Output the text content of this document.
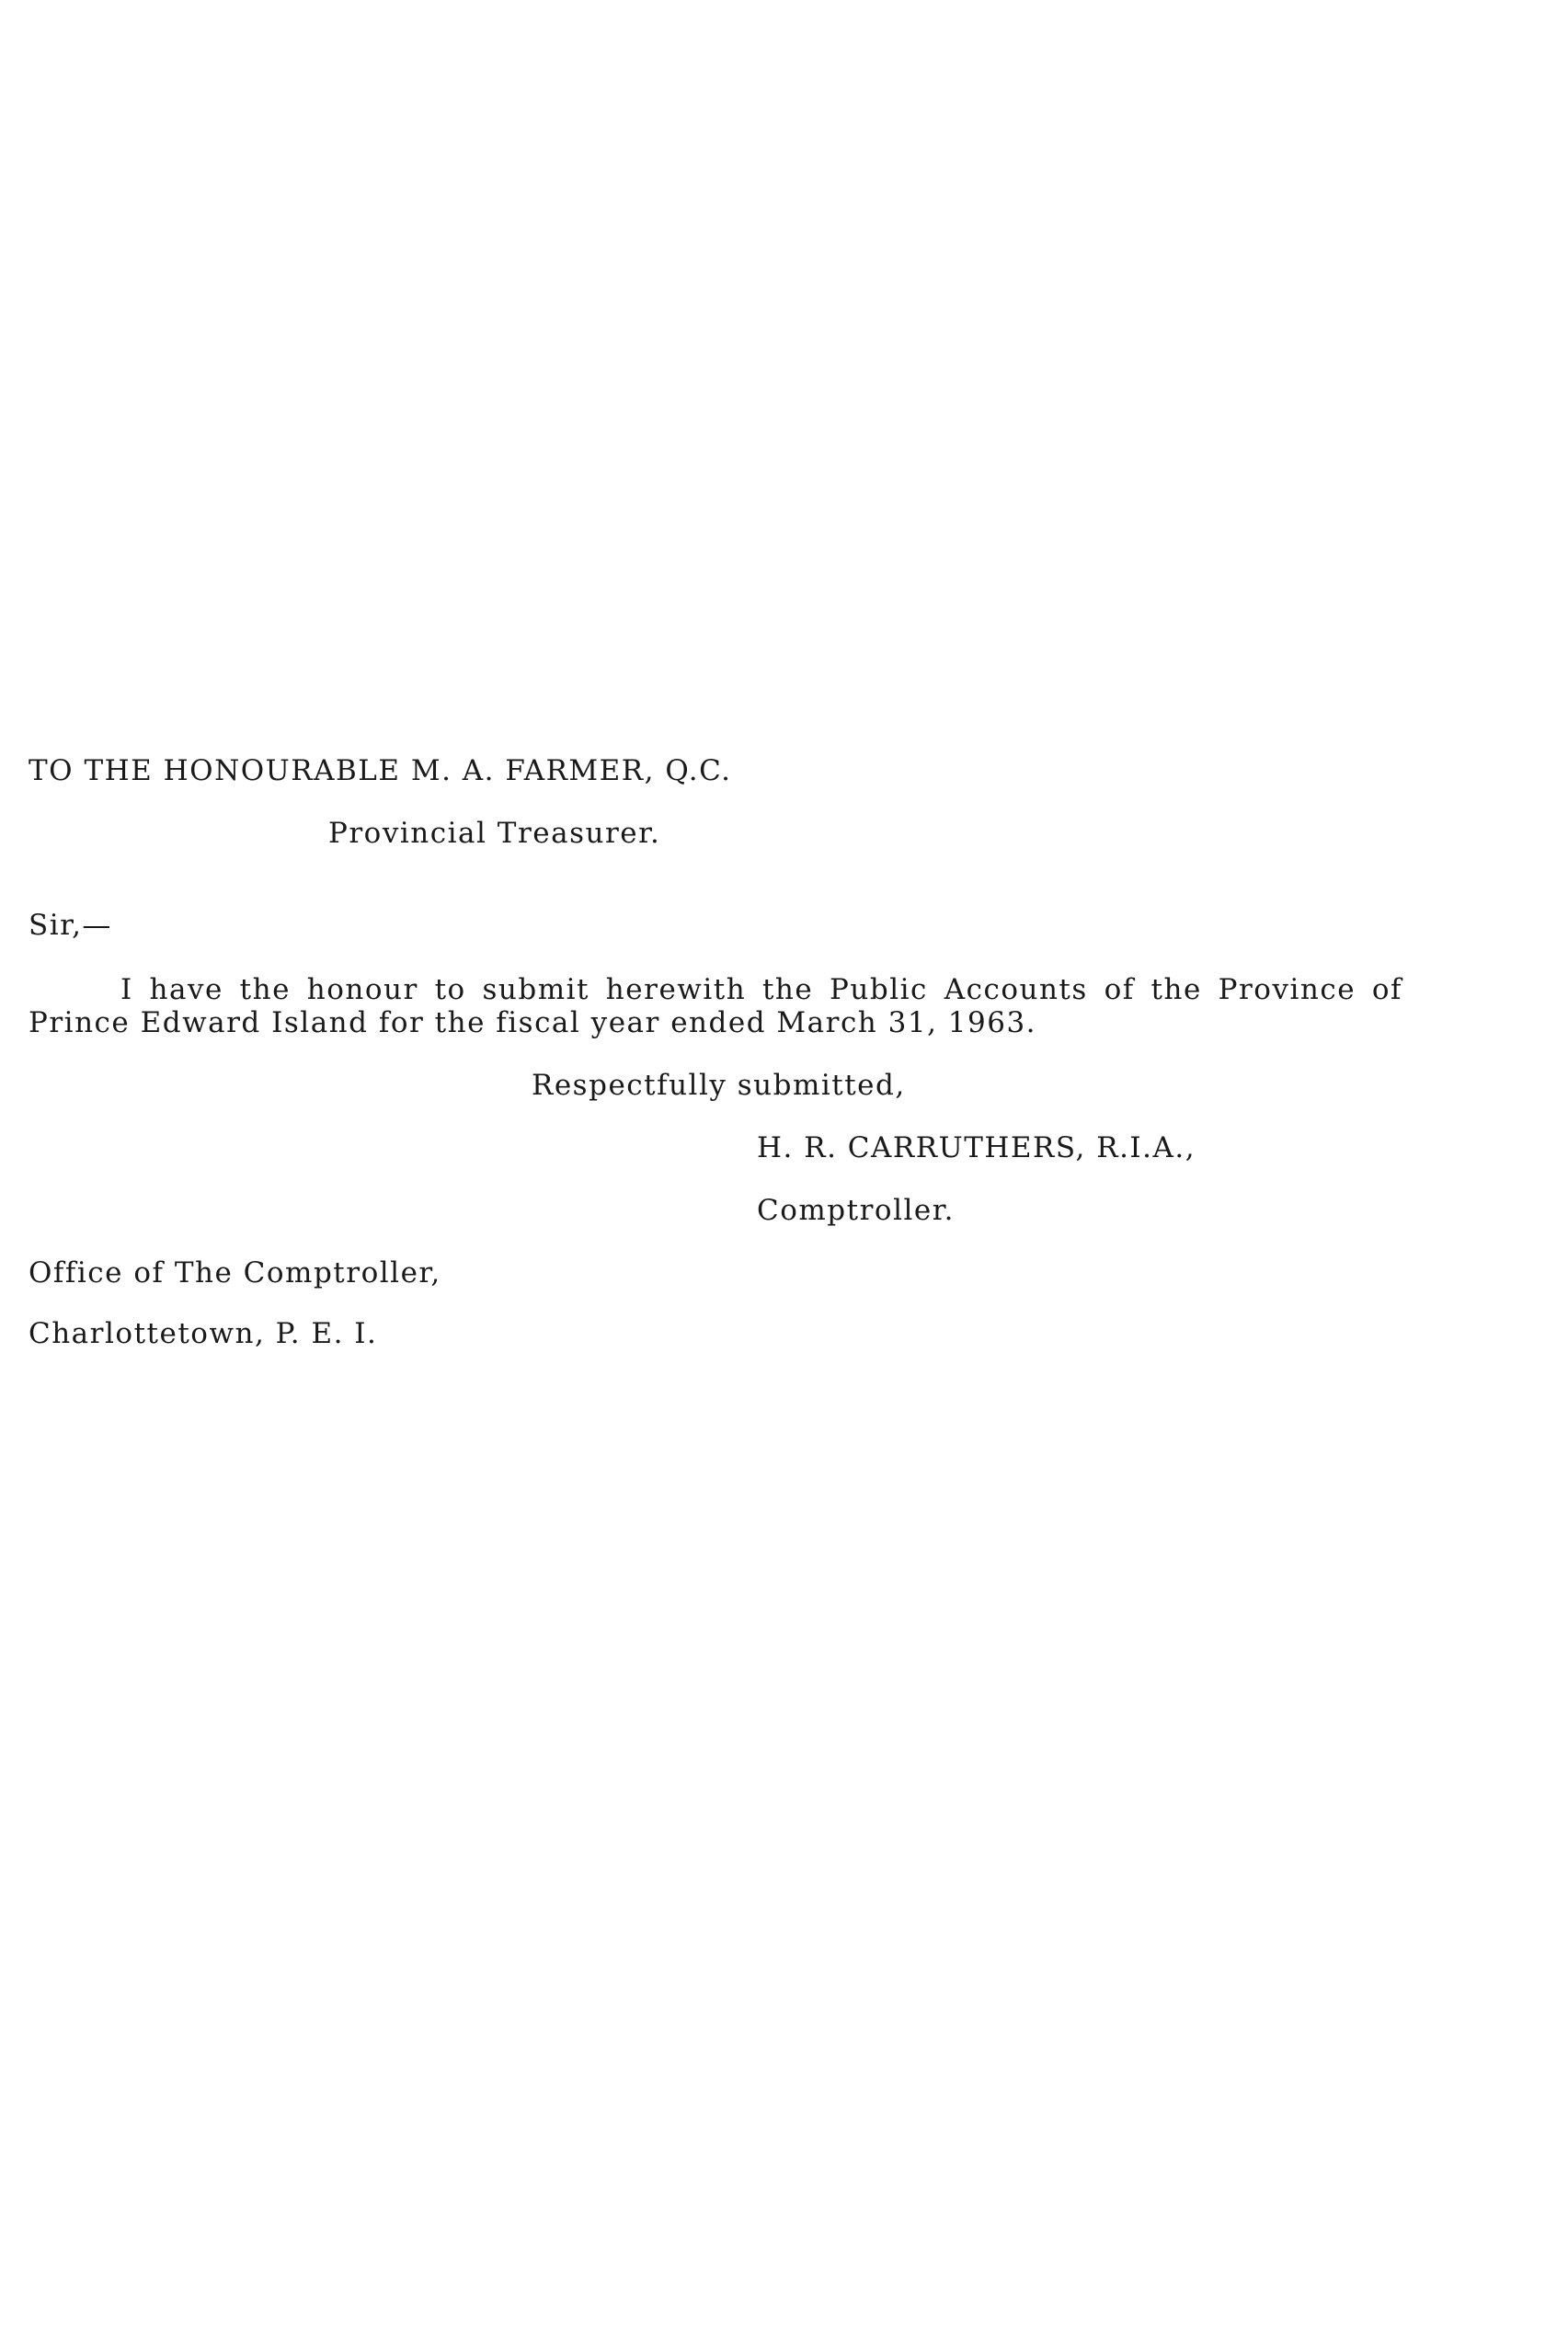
TO THE HONOURABLE M. A. FARMER, Q.C.
Provincial Treasurer.
Sir,—
I have the honour to submit herewith the Public Accounts of the Province of
Prince Edward Island for the fiscal year ended March 31, 1963.
Respectfully submitted,
H. R. CARRUTHERS, R.I.A.,
Comptroller.
Office of The Comptroller,
Charlottetown, P. E. I.
